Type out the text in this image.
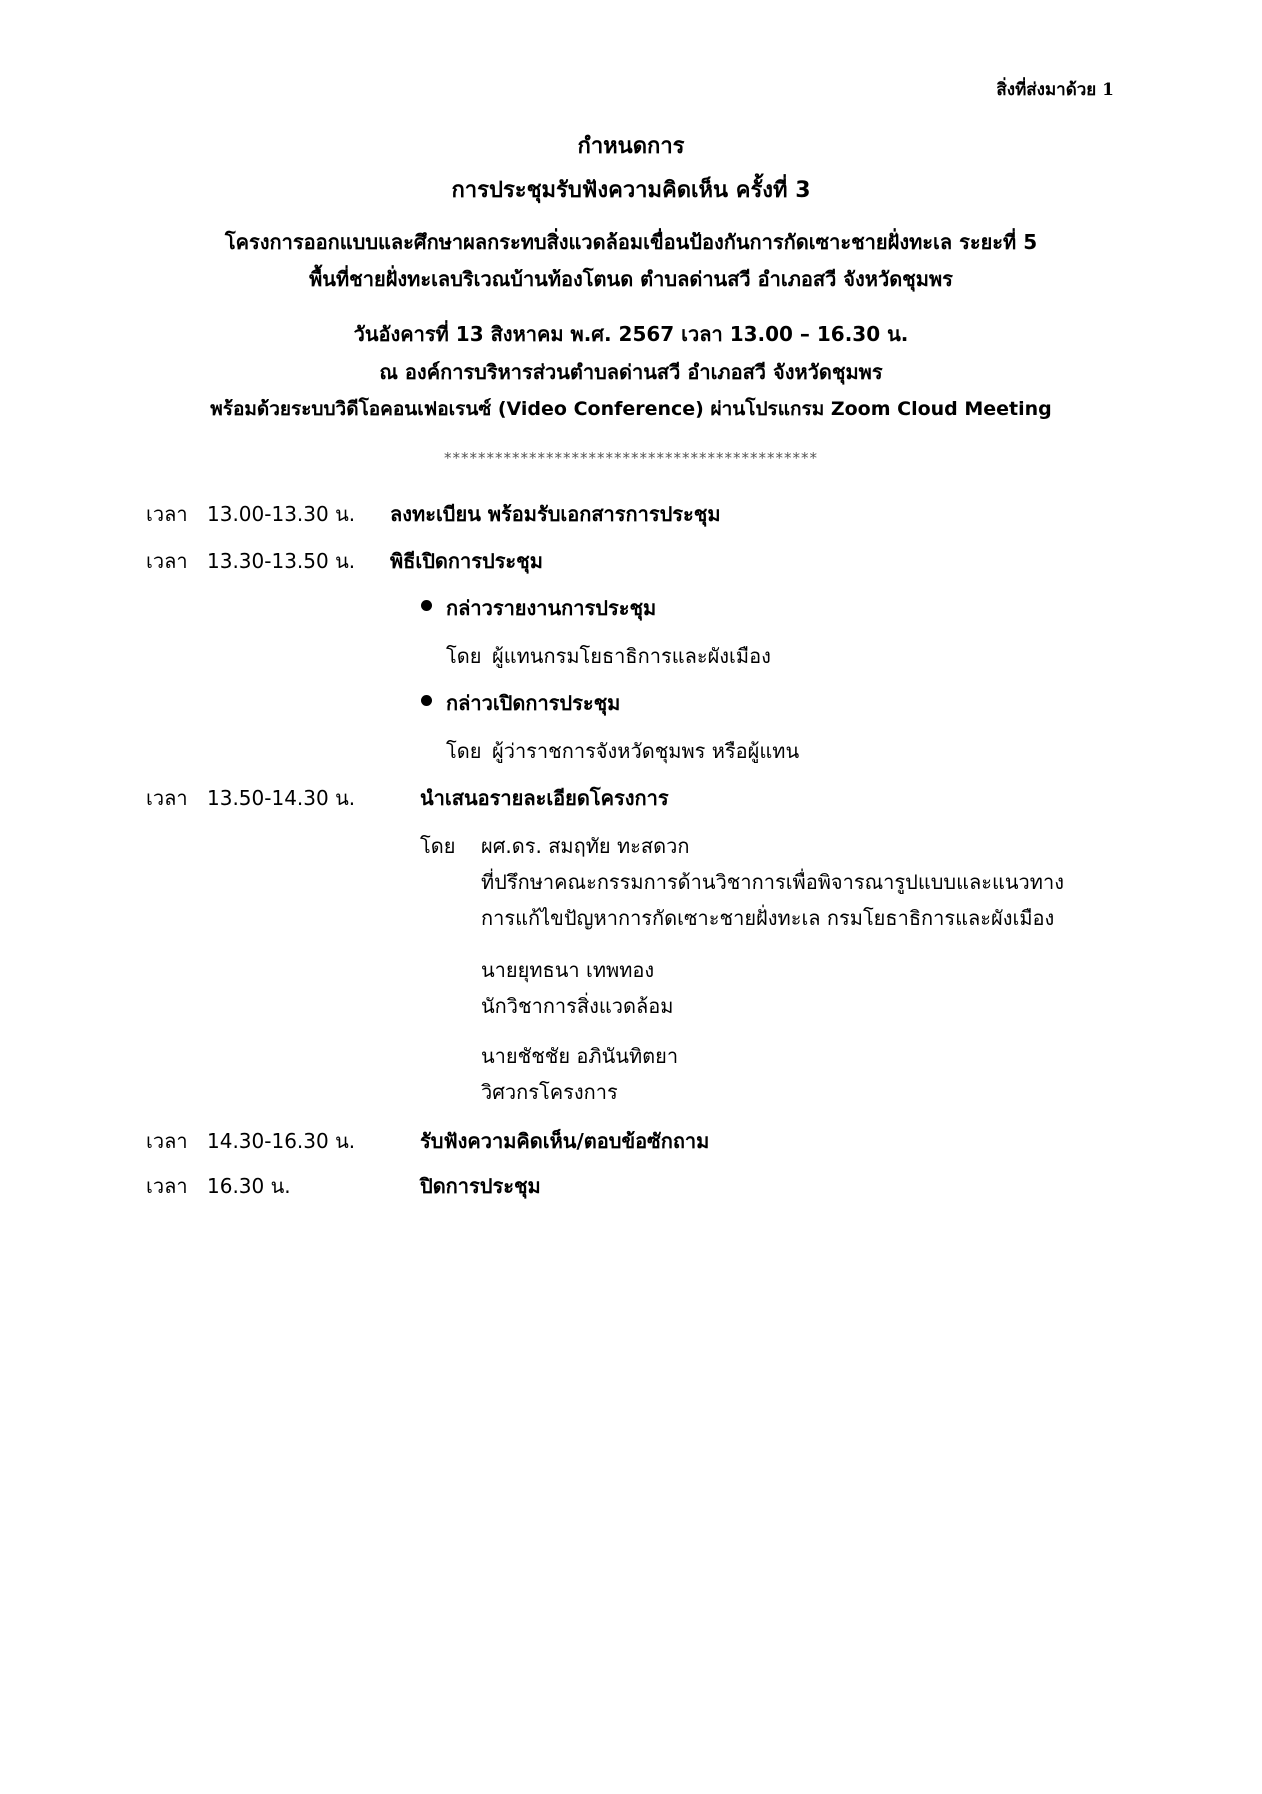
สิ่งที่ส่งมาด้วย 1
กำหนดการ
การประชุมรับฟังความคิดเห็น ครั้งที่ 3
โครงการออกแบบและศึกษาผลกระทบสิ่งแวดล้อมเขื่อนป้องกันการกัดเซาะชายฝั่งทะเล ระยะที่ 5
พื้นที่ชายฝั่งทะเลบริเวณบ้านท้องโตนด ตำบลด่านสวี อำเภอสวี จังหวัดชุมพร
วันอังคารที่ 13 สิงหาคม พ.ศ. 2567 เวลา 13.00 – 16.30 น.
ณ องค์การบริหารส่วนตำบลด่านสวี อำเภอสวี จังหวัดชุมพร
พร้อมด้วยระบบวิดีโอคอนเฟอเรนซ์ (Video Conference) ผ่านโปรแกรม Zoom Cloud Meeting
********************************************
เวลา 13.00-13.30 น. ลงทะเบียน พร้อมรับเอกสารการประชุม
เวลา 13.30-13.50 น. พิธีเปิดการประชุม
กล่าวรายงานการประชุม
โดย ผู้แทนกรมโยธาธิการและผังเมือง
กล่าวเปิดการประชุม
โดย ผู้ว่าราชการจังหวัดชุมพร หรือผู้แทน
เวลา 13.50-14.30 น.	นำเสนอรายละเอียดโครงการ
โดย ผศ.ดร. สมฤทัย ทะสดวก
ที่ปรึกษาคณะกรรมการด้านวิชาการเพื่อพิจารณารูปแบบและแนวทาง
การแก้ไขปัญหาการกัดเซาะชายฝั่งทะเล กรมโยธาธิการและผังเมือง
นายยุทธนา เทพทอง
นักวิชาการสิ่งแวดล้อม
นายชัชชัย อภินันทิตยา
วิศวกรโครงการ
เวลา 14.30-16.30 น.	รับฟังความคิดเห็น/ตอบข้อซักถาม
เวลา 16.30 น.	ปิดการประชุม
